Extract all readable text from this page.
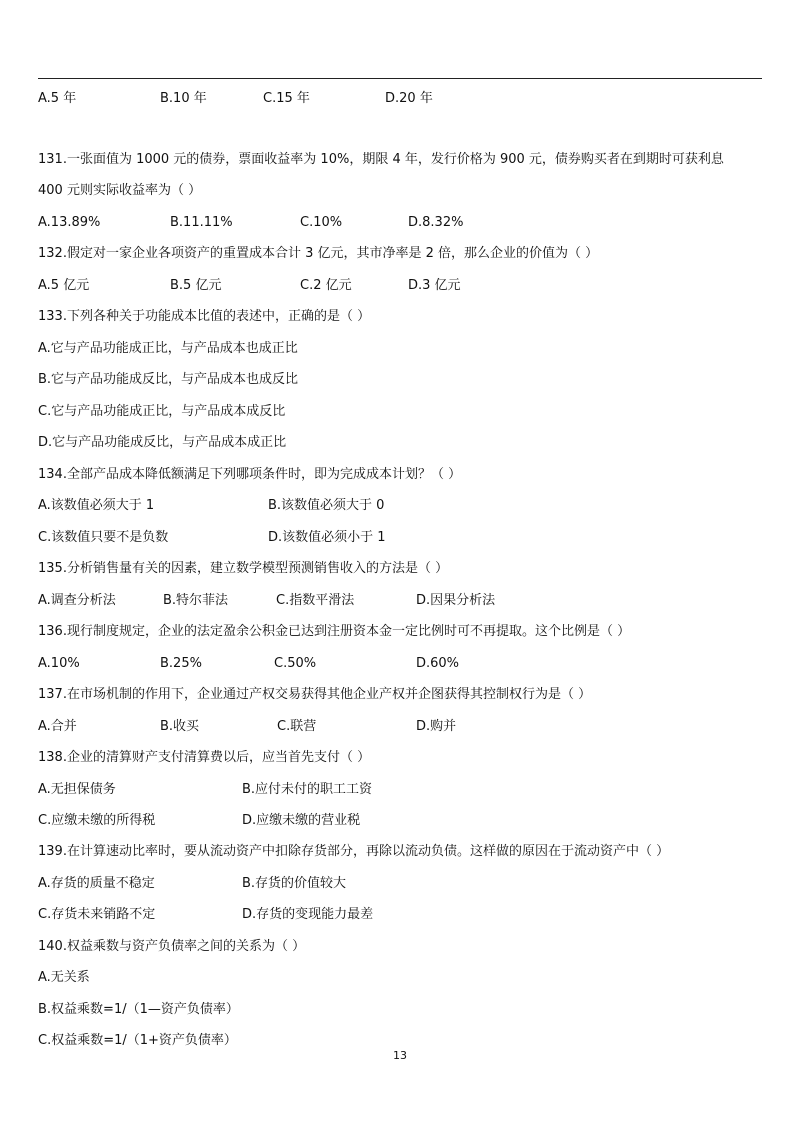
A.5 年	B.10 年	C.15 年	D.20 年
131.一张面值为 1000 元的债券，票面收益率为 10%，期限 4 年，发行价格为 900 元，债券购买者在到期时可获利息
400 元则实际收益率为（ ）
A.13.89%	B.11.11%	C.10%	D.8.32%
132.假定对一家企业各项资产的重置成本合计 3 亿元，其市净率是 2 倍，那么企业的价值为（ ）
A.5 亿元	B.5 亿元	C.2 亿元	D.3 亿元
133.下列各种关于功能成本比值的表述中，正确的是（ ）
A.它与产品功能成正比，与产品成本也成正比
B.它与产品功能成反比，与产品成本也成反比
C.它与产品功能成正比，与产品成本成反比
D.它与产品功能成反比，与产品成本成正比
134.全部产品成本降低额满足下列哪项条件时，即为完成成本计划？（ ）
A.该数值必须大于 1	B.该数值必须大于 0
C.该数值只要不是负数	D.该数值必须小于 1
135.分析销售量有关的因素，建立数学模型预测销售收入的方法是（ ）
A.调查分析法	B.特尔菲法	C.指数平滑法	D.因果分析法
136.现行制度规定，企业的法定盈余公积金已达到注册资本金一定比例时可不再提取。这个比例是（ ）
A.10%	B.25%	C.50%	D.60%
137.在市场机制的作用下，企业通过产权交易获得其他企业产权并企图获得其控制权行为是（ ）
A.合并	B.收买	C.联营	D.购并
138.企业的清算财产支付清算费以后，应当首先支付（ ）
A.无担保债务	B.应付未付的职工工资
C.应缴未缴的所得税	D.应缴未缴的营业税
139.在计算速动比率时，要从流动资产中扣除存货部分，再除以流动负债。这样做的原因在于流动资产中（ ）
A.存货的质量不稳定	B.存货的价值较大
C.存货未来销路不定	D.存货的变现能力最差
140.权益乘数与资产负债率之间的关系为（ ）
A.无关系
B.权益乘数=1/（1—资产负债率）
C.权益乘数=1/（1+资产负债率）
13
